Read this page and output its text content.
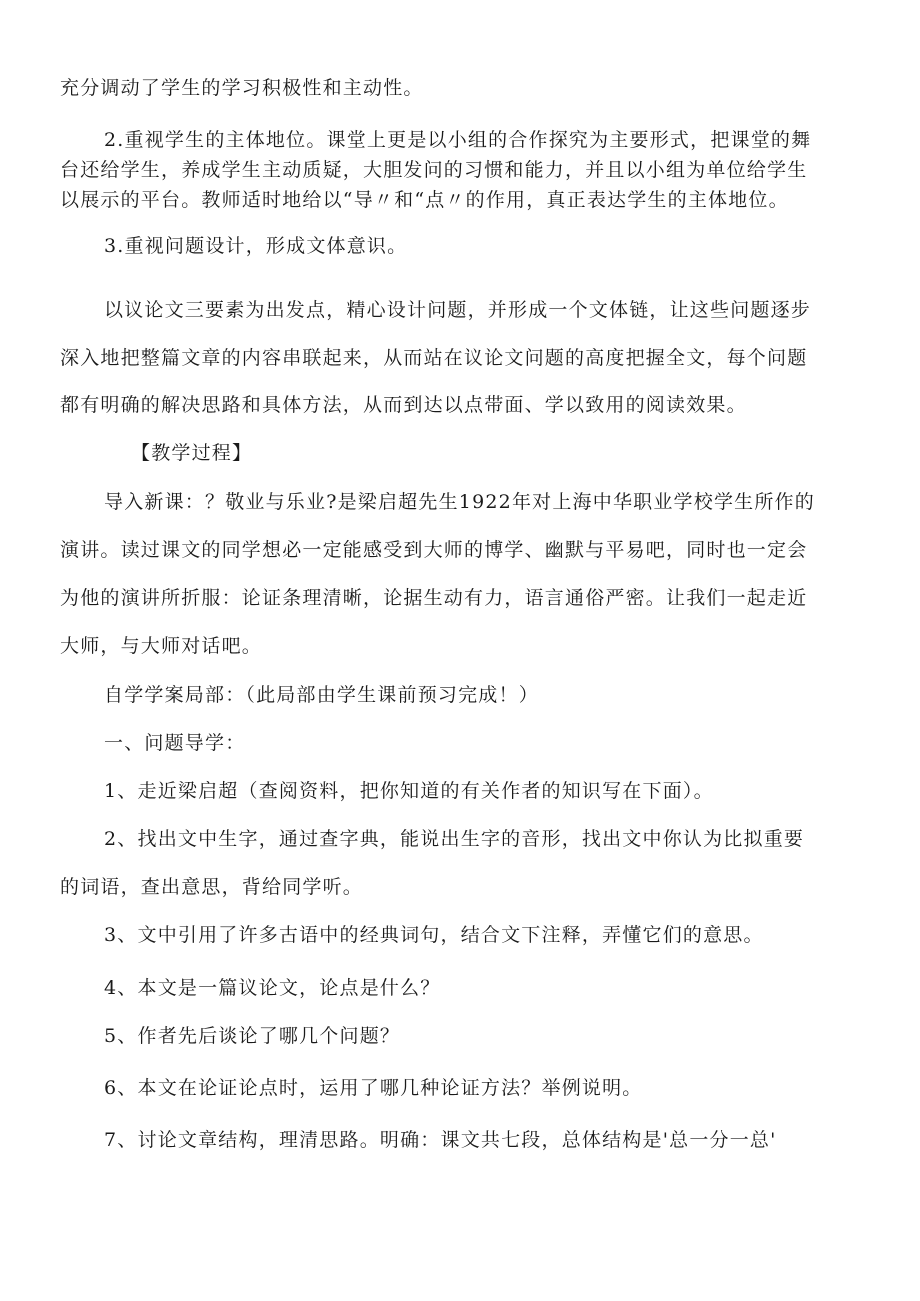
充分调动了学生的学习积极性和主动性。
2.重视学生的主体地位。课堂上更是以小组的合作探究为主要形式，把课堂的舞
台还给学生，养成学生主动质疑，大胆发问的习惯和能力，并且以小组为单位给学生
以展示的平台。教师适时地给以“导〃和“点〃的作用，真正表达学生的主体地位。
3.重视问题设计，形成文体意识。
以议论文三要素为出发点，精心设计问题，并形成一个文体链，让这些问题逐步
深入地把整篇文章的内容串联起来，从而站在议论文问题的高度把握全文，每个问题
都有明确的解决思路和具体方法，从而到达以点带面、学以致用的阅读效果。
【教学过程】
导入新课：？敬业与乐业?是梁启超先生1922年对上海中华职业学校学生所作的
演讲。读过课文的同学想必一定能感受到大师的博学、幽默与平易吧，同时也一定会
为他的演讲所折服：论证条理清晰，论据生动有力，语言通俗严密。让我们一起走近
大师，与大师对话吧。
自学学案局部：（此局部由学生课前预习完成！）
一、问题导学：
1、走近梁启超（查阅资料，把你知道的有关作者的知识写在下面）。
2、找出文中生字，通过查字典，能说出生字的音形，找出文中你认为比拟重要
的词语，查出意思，背给同学听。
3、文中引用了许多古语中的经典词句，结合文下注释，弄懂它们的意思。
4、本文是一篇议论文，论点是什么？
5、作者先后谈论了哪几个问题？
6、本文在论证论点时，运用了哪几种论证方法？举例说明。
7、讨论文章结构，理清思路。明确：课文共七段，总体结构是'总一分一总'
